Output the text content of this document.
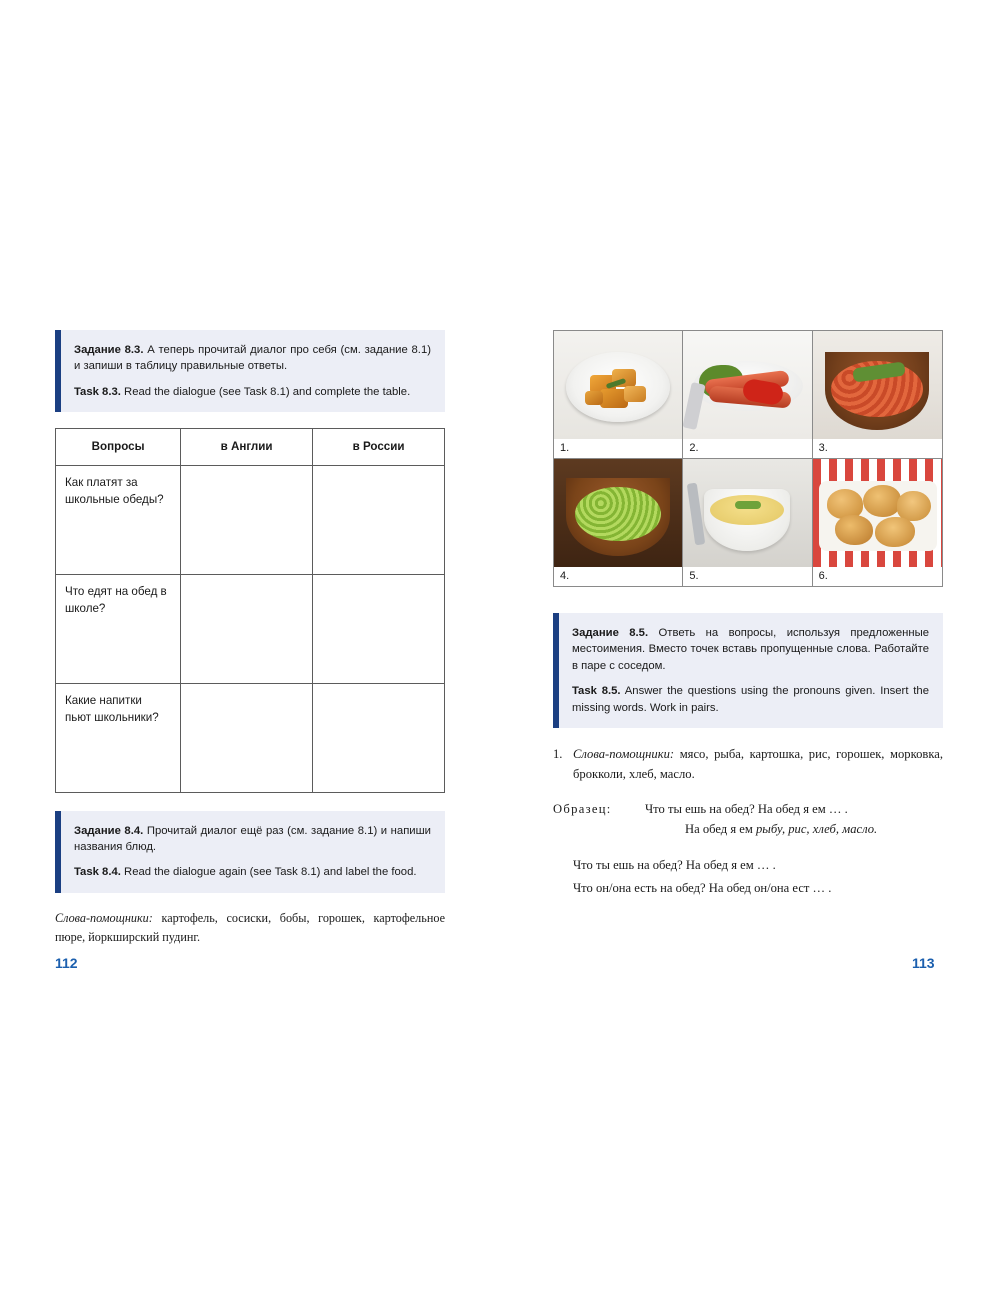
Задание 8.3. А теперь прочитай диалог про себя (см. задание 8.1) и запиши в таблицу правильные ответы.

Task 8.3. Read the dialogue (see Task 8.1) and complete the table.

Вопросы	в Англии	в России
Как платят за школьные обеды?		
Что едят на обед в школе?		
Какие напитки пьют школьники?		

Задание 8.4. Прочитай диалог ещё раз (см. задание 8.1) и напиши названия блюд.

Task 8.4. Read the dialogue again (see Task 8.1) and label the food.

Слова-помощники: картофель, сосиски, бобы, горошек, картофельное пюре, йоркширский пудинг.

112
1.	2.	3.
4.	5.	6.

Задание 8.5. Ответь на вопросы, используя предложенные местоимения. Вместо точек вставь пропущенные слова. Работайте в паре с соседом.

Task 8.5. Answer the questions using the pronouns given. Insert the missing words. Work in pairs.

1. Слова-помощники: мясо, рыба, картошка, рис, горошек, морковка, брокколи, хлеб, масло.
Образец:	Что ты ешь на обед? На обед я ем … .
На обед я ем рыбу, рис, хлеб, масло.
Что ты ешь на обед? На обед я ем … .
Что он/она есть на обед? На обед он/она ест … .
113
